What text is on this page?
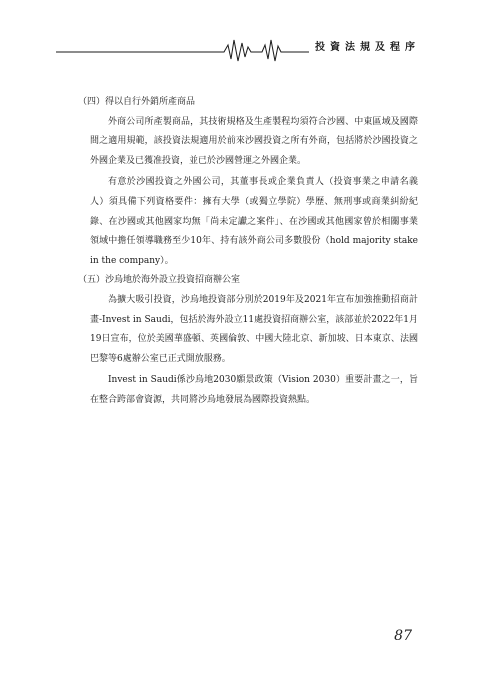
投資法規及程序
（四）得以自行外銷所產商品

外商公司所產製商品，其技術規格及生產製程均須符合沙國、中東區域及國際間之適用規範，該投資法規適用於前來沙國投資之所有外商，包括將於沙國投資之外國企業及已獲准投資，並已於沙國營運之外國企業。

有意於沙國投資之外國公司，其董事長或企業負責人（投資事業之申請名義人）須具備下列資格要件：擁有大學（或獨立學院）學歷、無刑事或商業糾紛紀錄、在沙國或其他國家均無「尚未定讞之案件」、在沙國或其他國家曾於相關事業領域中擔任領導職務至少10年、持有該外商公司多數股份（hold majority stake in the company）。

（五）沙烏地於海外設立投資招商辦公室

為擴大吸引投資，沙烏地投資部分別於2019年及2021年宣布加強推動招商計畫-Invest in Saudi，包括於海外設立11處投資招商辦公室，該部並於2022年1月19日宣布，位於美國華盛頓、英國倫敦、中國大陸北京、新加坡、日本東京、法國巴黎等6處辦公室已正式開放服務。

Invest in Saudi係沙烏地2030願景政策（Vision 2030）重要計畫之一，旨在整合跨部會資源，共同將沙烏地發展為國際投資熱點。

87
